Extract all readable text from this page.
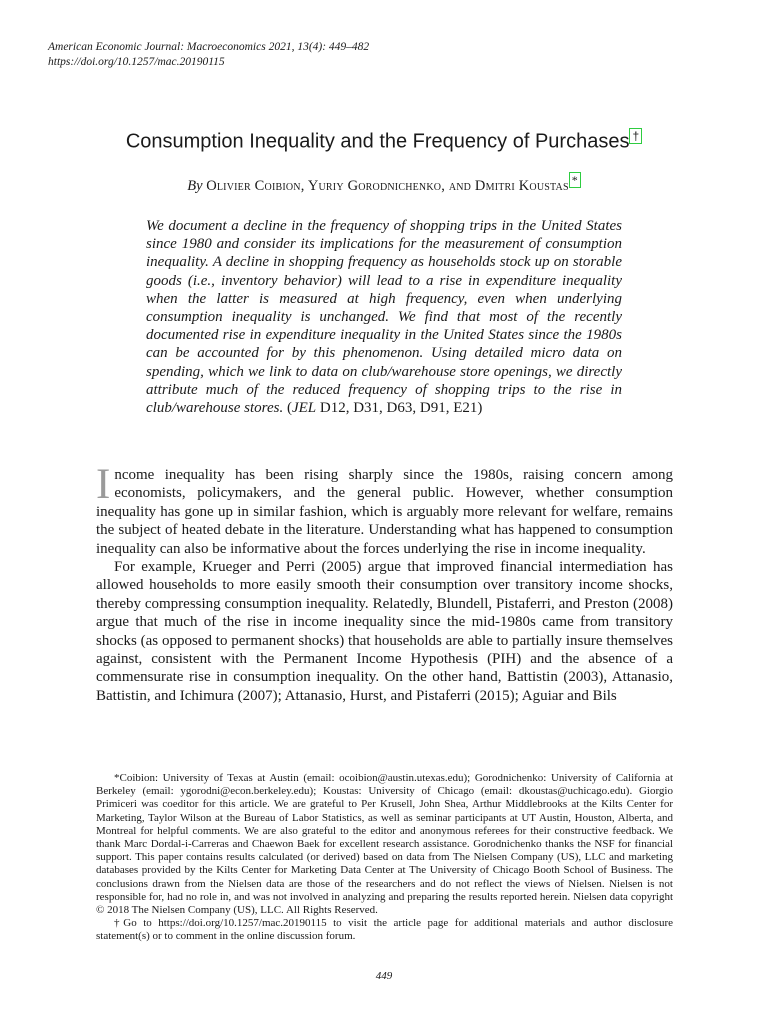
American Economic Journal: Macroeconomics 2021, 13(4): 449–482
https://doi.org/10.1257/mac.20190115
Consumption Inequality and the Frequency of Purchases †
By Olivier Coibion, Yuriy Gorodnichenko, and Dmitri Koustas *

We document a decline in the frequency of shopping trips in the United States since 1980 and consider its implications for the measurement of consumption inequality. A decline in shopping frequency as households stock up on storable goods (i.e., inventory behavior) will lead to a rise in expenditure inequality when the latter is measured at high frequency, even when underlying consumption inequality is unchanged. We find that most of the recently documented rise in expenditure inequality in the United States since the 1980s can be accounted for by this phenomenon. Using detailed micro data on spending, which we link to data on club/warehouse store openings, we directly attribute much of the reduced frequency of shopping trips to the rise in club/warehouse stores. (JEL D12, D31, D63, D91, E21)

Income inequality has been rising sharply since the 1980s, raising concern among economists, policymakers, and the general public. However, whether consumption inequality has gone up in similar fashion, which is arguably more relevant for welfare, remains the subject of heated debate in the literature. Understanding what has happened to consumption inequality can also be informative about the forces underlying the rise in income inequality.

For example, Krueger and Perri (2005) argue that improved financial intermediation has allowed households to more easily smooth their consumption over transitory income shocks, thereby compressing consumption inequality. Relatedly, Blundell, Pistaferri, and Preston (2008) argue that much of the rise in income inequality since the mid-1980s came from transitory shocks (as opposed to permanent shocks) that households are able to partially insure themselves against, consistent with the Permanent Income Hypothesis (PIH) and the absence of a commensurate rise in consumption inequality. On the other hand, Battistin (2003), Attanasio, Battistin, and Ichimura (2007); Attanasio, Hurst, and Pistaferri (2015); Aguiar and Bils

*Coibion: University of Texas at Austin (email: ocoibion@austin.utexas.edu); Gorodnichenko: University of California at Berkeley (email: ygorodni@econ.berkeley.edu); Koustas: University of Chicago (email: dkoustas@uchicago.edu). Giorgio Primiceri was coeditor for this article. We are grateful to Per Krusell, John Shea, Arthur Middlebrooks at the Kilts Center for Marketing, Taylor Wilson at the Bureau of Labor Statistics, as well as seminar participants at UT Austin, Houston, Alberta, and Montreal for helpful comments. We are also grateful to the editor and anonymous referees for their constructive feedback. We thank Marc Dordal-i-Carreras and Chaewon Baek for excellent research assistance. Gorodnichenko thanks the NSF for financial support. This paper contains results calculated (or derived) based on data from The Nielsen Company (US), LLC and marketing databases provided by the Kilts Center for Marketing Data Center at The University of Chicago Booth School of Business. The conclusions drawn from the Nielsen data are those of the researchers and do not reflect the views of Nielsen. Nielsen is not responsible for, had no role in, and was not involved in analyzing and preparing the results reported herein. Nielsen data copyright © 2018 The Nielsen Company (US), LLC. All Rights Reserved.

†Go to https://doi.org/10.1257/mac.20190115 to visit the article page for additional materials and author disclosure statement(s) or to comment in the online discussion forum.

449
